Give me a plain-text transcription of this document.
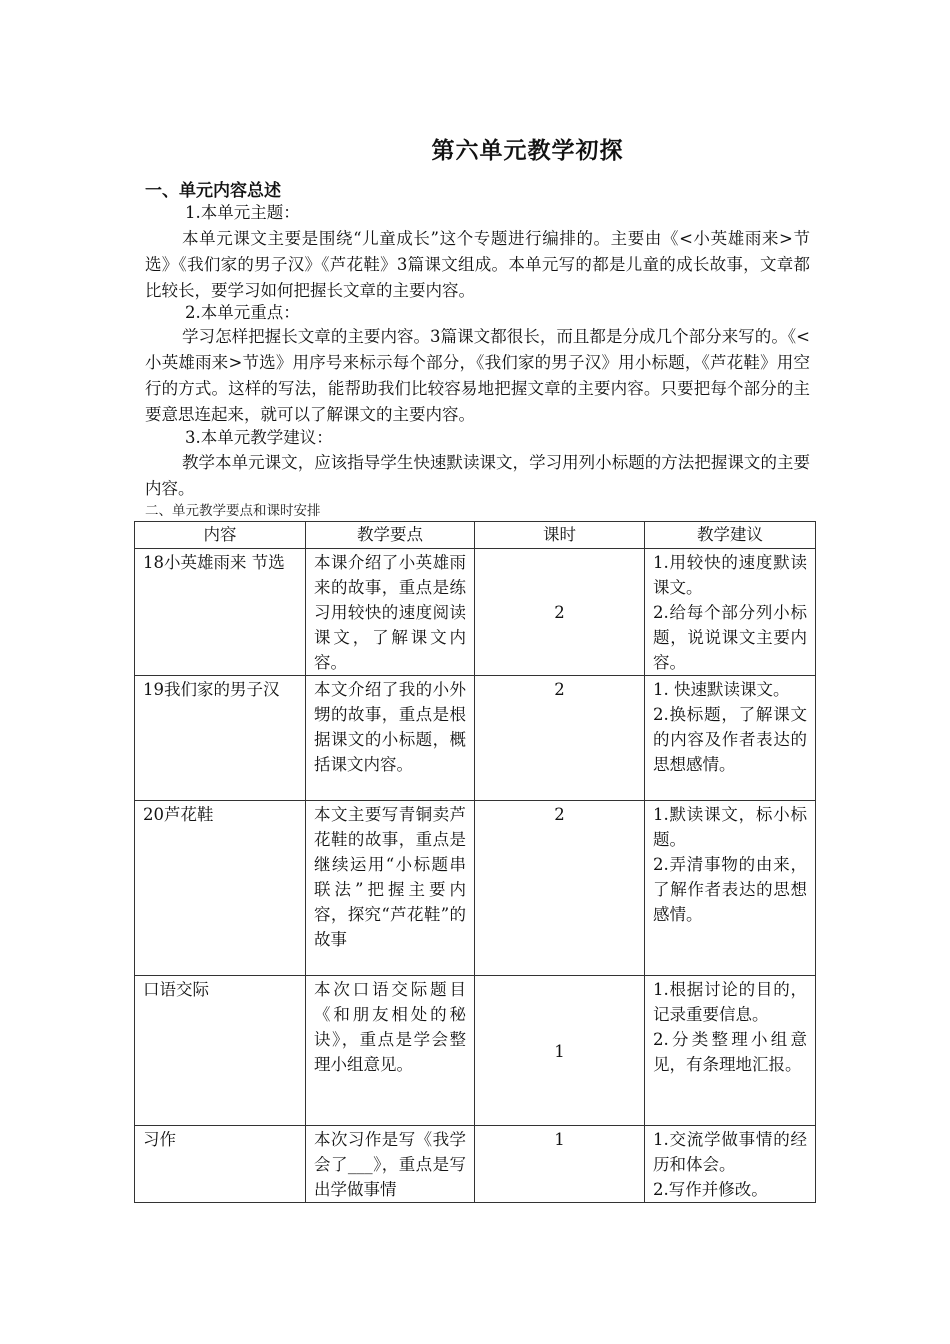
第六单元教学初探
一、单元内容总述
1.本单元主题：
本单元课文主要是围绕“儿童成长”这个专题进行编排的。主要由《<小英雄雨来>节选》《我们家的男子汉》《芦花鞋》3篇课文组成。本单元写的都是儿童的成长故事，文章都比较长，要学习如何把握长文章的主要内容。
2.本单元重点：
学习怎样把握长文章的主要内容。3篇课文都很长，而且都是分成几个部分来写的。《<小英雄雨来>节选》用序号来标示每个部分，《我们家的男子汉》用小标题，《芦花鞋》用空行的方式。这样的写法，能帮助我们比较容易地把握文章的主要内容。只要把每个部分的主要意思连起来，就可以了解课文的主要内容。
3.本单元教学建议：
教学本单元课文，应该指导学生快速默读课文，学习用列小标题的方法把握课文的主要内容。
二、单元教学要点和课时安排
内容	教学要点	课时	教学建议
18小英雄雨来 节选	本课介绍了小英雄雨来的故事，重点是练习用较快的速度阅读课文，了解课文内容。	2	1.用较快的速度默读课文。
2.给每个部分列小标题，说说课文主要内容。

19我们家的男子汉	本文介绍了我的小外甥的故事，重点是根据课文的小标题，概括课文内容。	2	1. 快速默读课文。
2.换标题，了解课文的内容及作者表达的思想感情。

20芦花鞋	本文主要写青铜卖芦花鞋的故事，重点是继续运用“小标题串联法”把握主要内容，探究“芦花鞋”的故事	2	1.默读课文，标小标题。
2.弄清事物的由来，了解作者表达的思想感情。

口语交际	本次口语交际题目《和朋友相处的秘诀》，重点是学会整理小组意见。	1	1.根据讨论的目的，记录重要信息。
2.分类整理小组意见，有条理地汇报。

习作	本次习作是写《我学会了___》，重点是写出学做事情	1	1.交流学做事情的经历和体会。
2.写作并修改。
